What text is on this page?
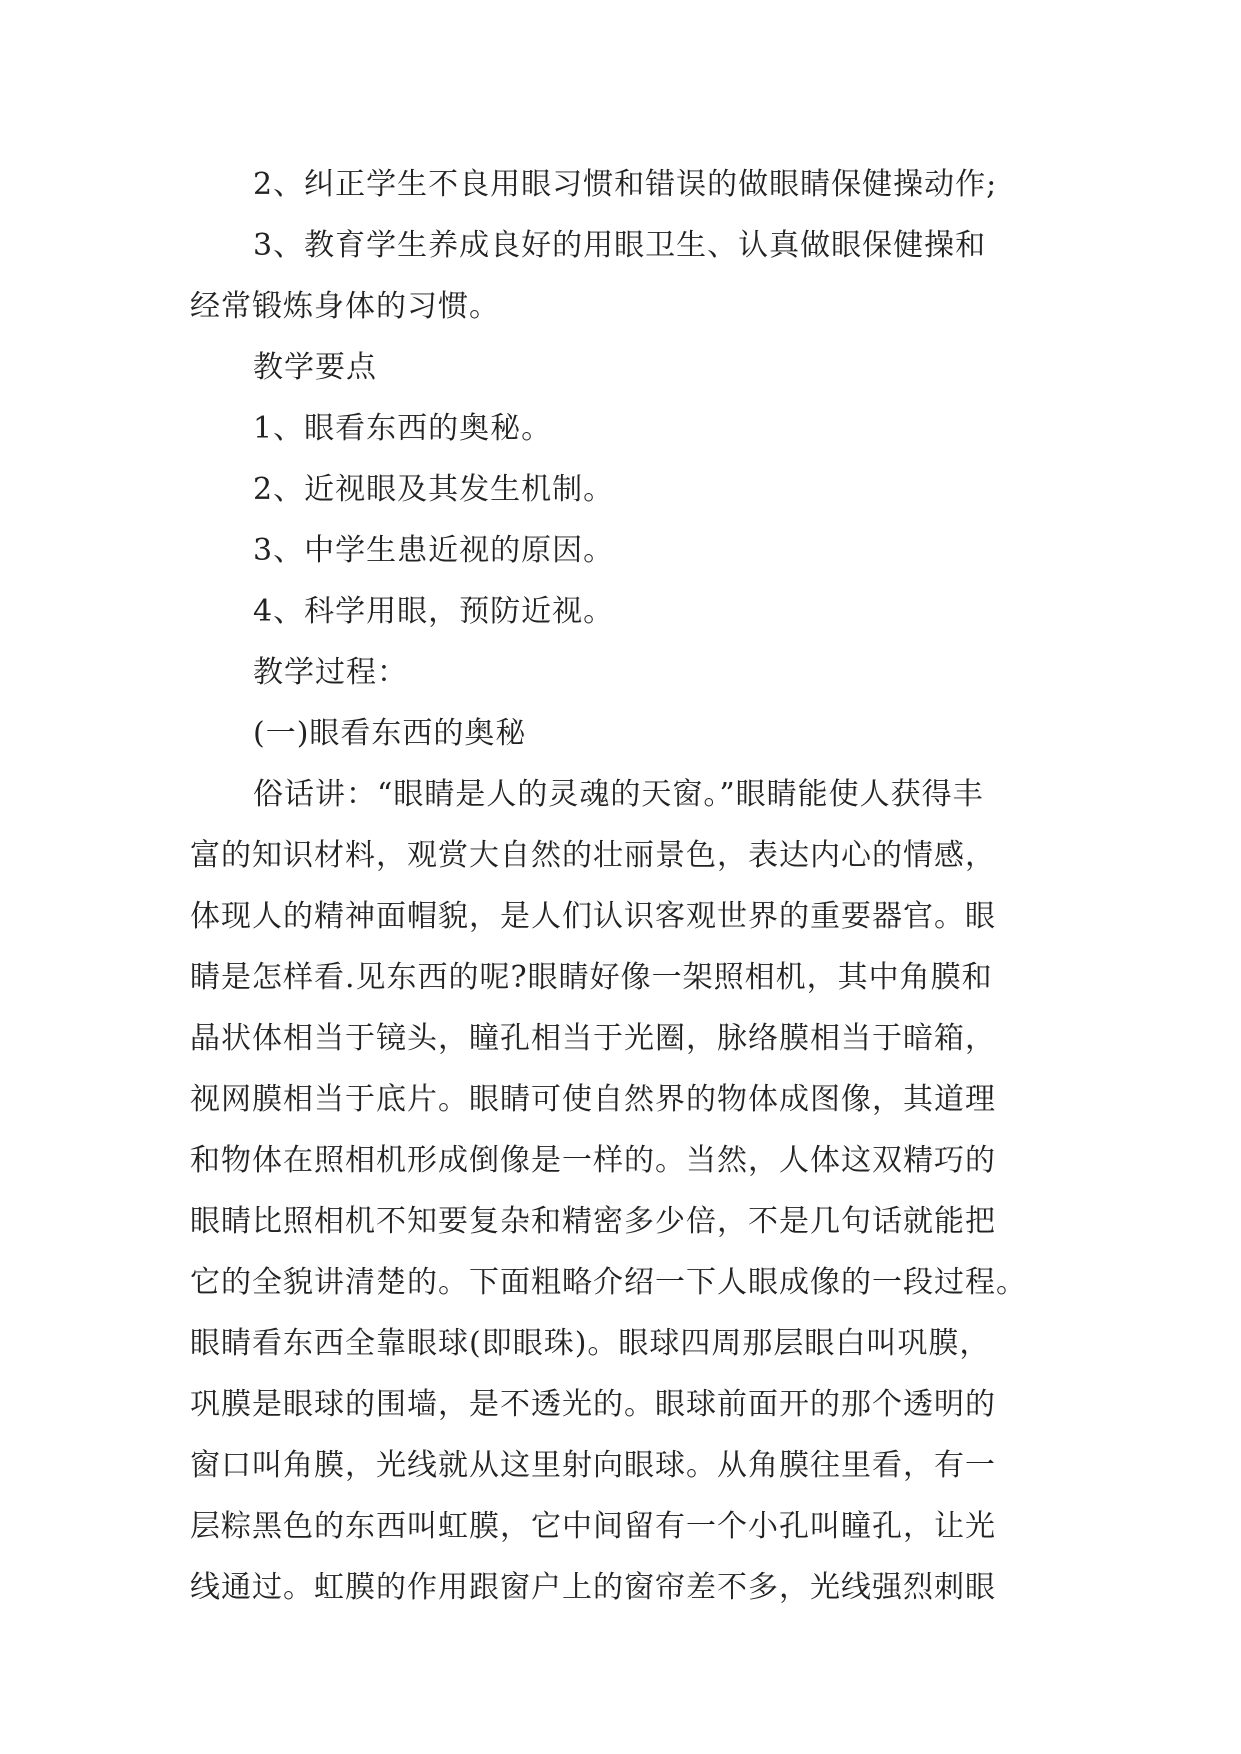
2、纠正学生不良用眼习惯和错误的做眼睛保健操动作;
3、教育学生养成良好的用眼卫生、认真做眼保健操和
经常锻炼身体的习惯。
教学要点
1、眼看东西的奥秘。
2、近视眼及其发生机制。
3、中学生患近视的原因。
4、科学用眼，预防近视。
教学过程：
(一)眼看东西的奥秘
俗话讲：“眼睛是人的灵魂的天窗。”眼睛能使人获得丰
富的知识材料，观赏大自然的壮丽景色，表达内心的情感，
体现人的精神面帽貌，是人们认识客观世界的重要器官。眼
睛是怎样看.见东西的呢?眼睛好像一架照相机，其中角膜和
晶状体相当于镜头，瞳孔相当于光圈，脉络膜相当于暗箱，
视网膜相当于底片。眼睛可使自然界的物体成图像，其道理
和物体在照相机形成倒像是一样的。当然，人体这双精巧的
眼睛比照相机不知要复杂和精密多少倍，不是几句话就能把
它的全貌讲清楚的。下面粗略介绍一下人眼成像的一段过程。
眼睛看东西全靠眼球(即眼珠)。眼球四周那层眼白叫巩膜，
巩膜是眼球的围墙，是不透光的。眼球前面开的那个透明的
窗口叫角膜，光线就从这里射向眼球。从角膜往里看，有一
层粽黑色的东西叫虹膜，它中间留有一个小孔叫瞳孔，让光
线通过。虹膜的作用跟窗户上的窗帘差不多，光线强烈刺眼
